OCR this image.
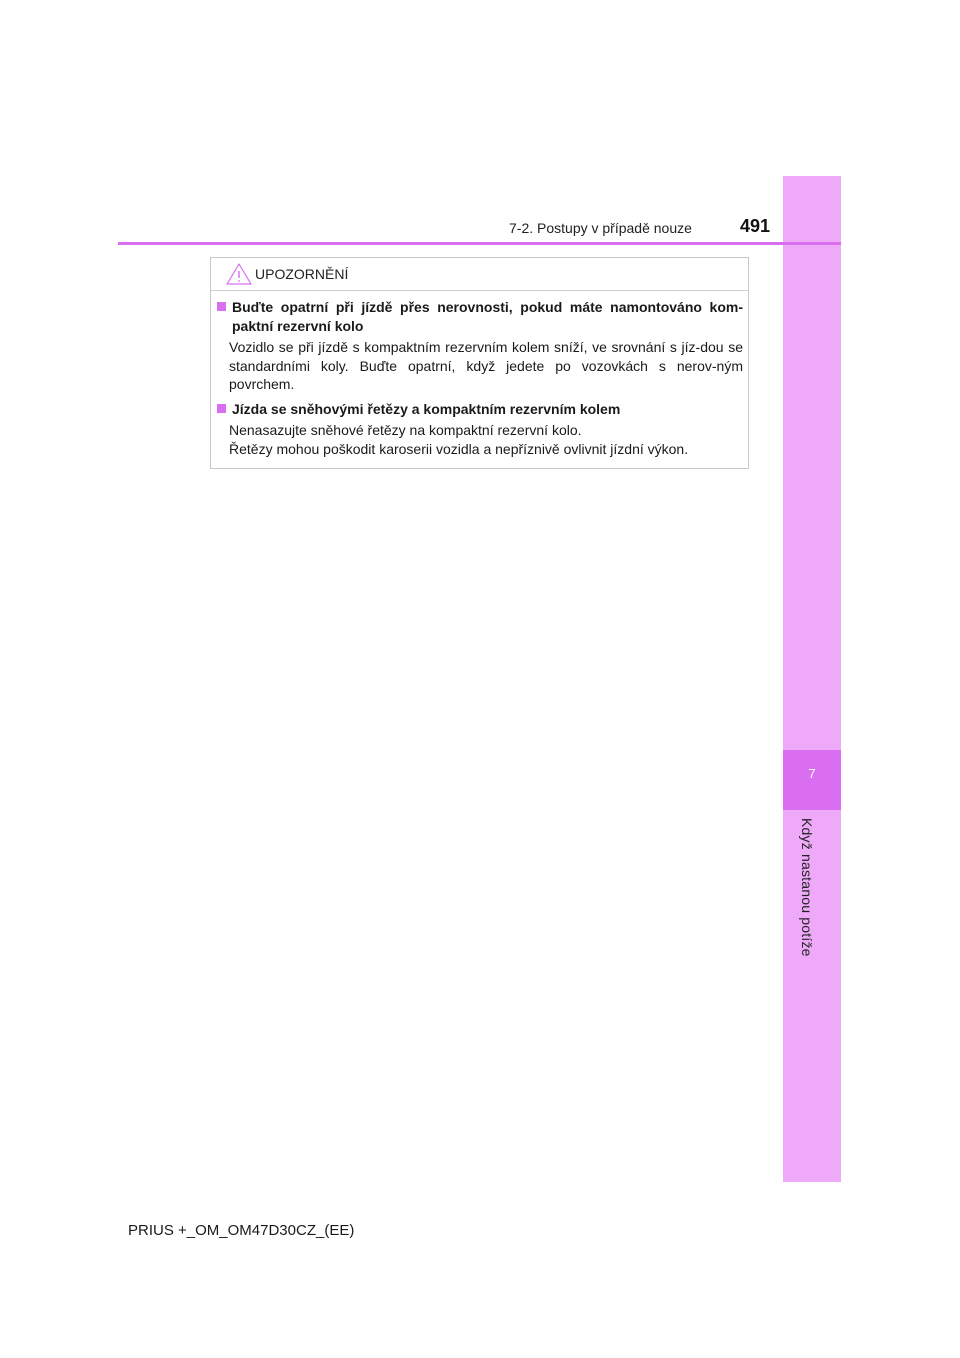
7
Když nastanou potíže
7-2. Postupy v případě nouze	491
UPOZORNĚNÍ
Buďte opatrní při jízdě přes nerovnosti, pokud máte namontováno kom-paktní rezervní kolo
Vozidlo se při jízdě s kompaktním rezervním kolem sníží, ve srovnání s jíz-dou se standardními koly. Buďte opatrní, když jedete po vozovkách s nerov-ným povrchem.
Jízda se sněhovými řetězy a kompaktním rezervním kolem
Nenasazujte sněhové řetězy na kompaktní rezervní kolo.
Řetězy mohou poškodit karoserii vozidla a nepříznivě ovlivnit jízdní výkon.
PRIUS +_OM_OM47D30CZ_(EE)
